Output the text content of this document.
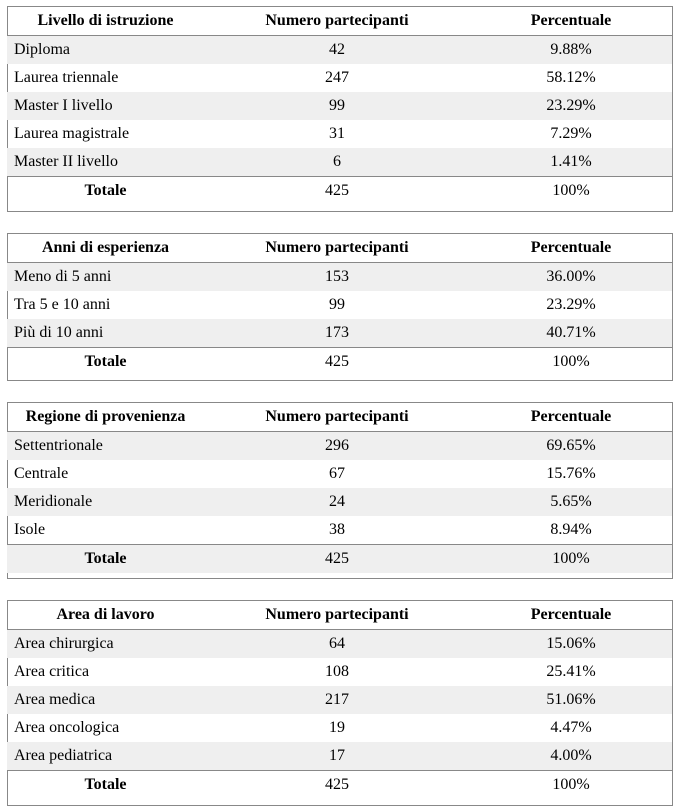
Livello di istruzione	Numero partecipanti	Percentuale
Diploma	42	9.88%
Laurea triennale	247	58.12%
Master I livello	99	23.29%
Laurea magistrale	31	7.29%
Master II livello	6	1.41%
Totale	425	100%
Anni di esperienza	Numero partecipanti	Percentuale
Meno di 5 anni	153	36.00%
Tra 5 e 10 anni	99	23.29%
Più di 10 anni	173	40.71%
Totale	425	100%
Regione di provenienza	Numero partecipanti	Percentuale
Settentrionale	296	69.65%
Centrale	67	15.76%
Meridionale	24	5.65%
Isole	38	8.94%
Totale	425	100%
Area di lavoro	Numero partecipanti	Percentuale
Area chirurgica	64	15.06%
Area critica	108	25.41%
Area medica	217	51.06%
Area oncologica	19	4.47%
Area pediatrica	17	4.00%
Totale	425	100%
